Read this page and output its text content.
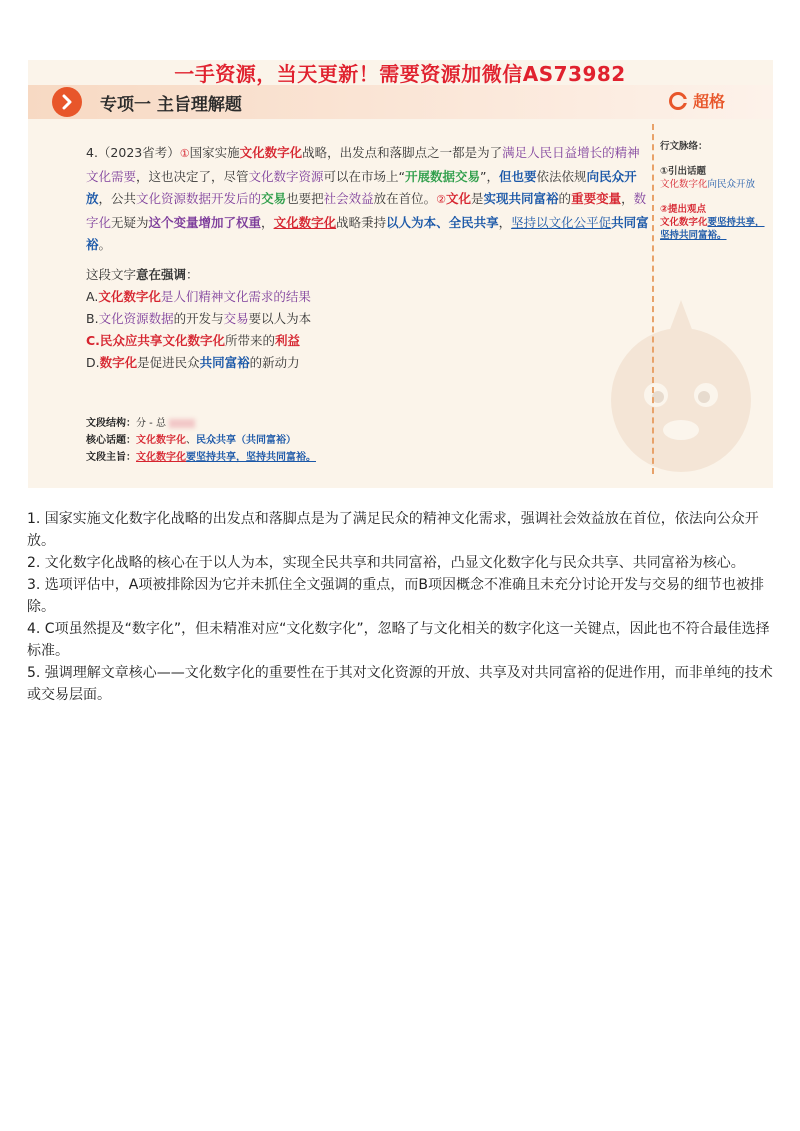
一手资源，当天更新！需要资源加微信AS73982
专项一 主旨理解题	超格
4.（2023省考）①国家实施文化数字化战略，出发点和落脚点之一都是为了满足人民日益增长的精神文化需要，这也决定了，尽管文化数字资源可以在市场上“开展数据交易”，但也要依法依规向民众开放，公共文化资源数据开发后的交易也要把社会效益放在首位。②文化是实现共同富裕的重要变量，数字化无疑为这个变量增加了权重，文化数字化战略秉持以人为本、全民共享，坚持以文化公平促共同富裕。
这段文字意在强调：
A.文化数字化是人们精神文化需求的结果
B.文化资源数据的开发与交易要以人为本
C.民众应共享文化数字化所带来的利益
D.数字化是促进民众共同富裕的新动力
文段结构：分 - 总
核心话题：文化数字化、民众共享（共同富裕）
文段主旨：文化数字化要坚持共享，坚持共同富裕。
行文脉络：
①引出话题
文化数字化向民众开放
②提出观点
文化数字化要坚持共享，坚持共同富裕。

1. 国家实施文化数字化战略的出发点和落脚点是为了满足民众的精神文化需求，强调社会效益放在首位，依法向公众开放。

2. 文化数字化战略的核心在于以人为本，实现全民共享和共同富裕，凸显文化数字化与民众共享、共同富裕为核心。

3. 选项评估中，A项被排除因为它并未抓住全文强调的重点，而B项因概念不准确且未充分讨论开发与交易的细节也被排除。

4. C项虽然提及“数字化”，但未精准对应“文化数字化”，忽略了与文化相关的数字化这一关键点，因此也不符合最佳选择标准。

5. 强调理解文章核心——文化数字化的重要性在于其对文化资源的开放、共享及对共同富裕的促进作用，而非单纯的技术或交易层面。
